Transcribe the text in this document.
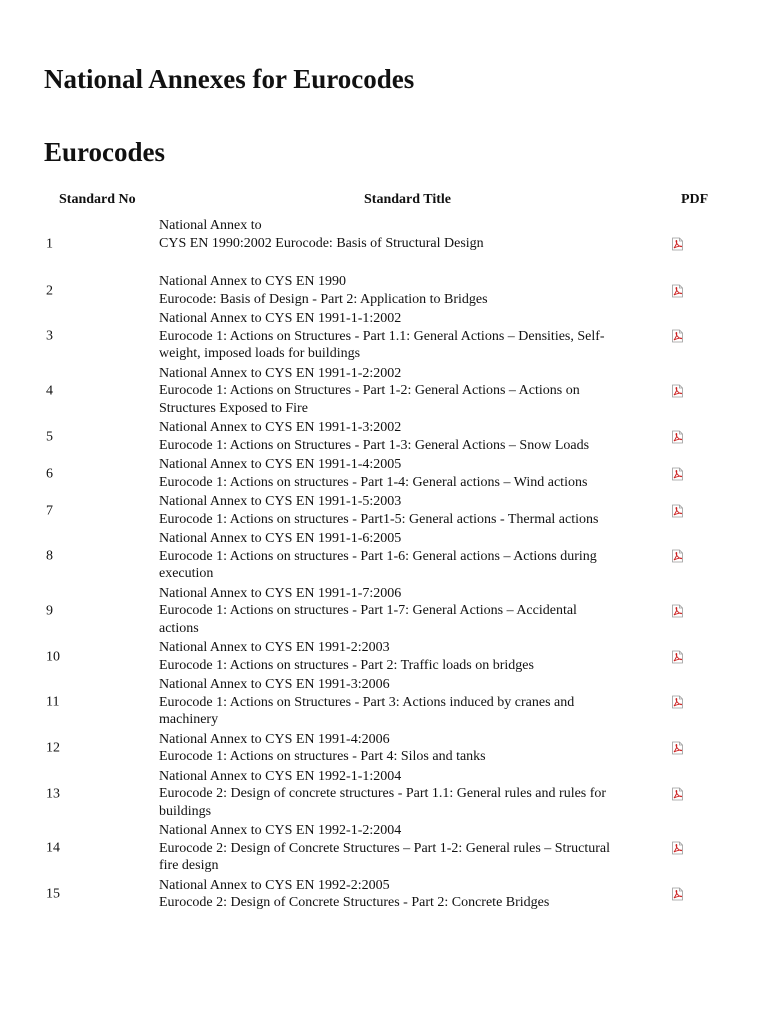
National Annexes for Eurocodes
Eurocodes
Standard No	Standard Title	PDF
1
National Annex to
CYS EN 1990:2002 Eurocode: Basis of Structural Design
2
National Annex to CYS EN 1990
Eurocode: Basis of Design - Part 2: Application to Bridges
3
National Annex to CYS EN 1991-1-1:2002
Eurocode 1: Actions on Structures - Part 1.1: General Actions – Densities, Self-
weight, imposed loads for buildings
4
National Annex to CYS EN 1991-1-2:2002
Eurocode 1: Actions on Structures - Part 1-2: General Actions – Actions on
Structures Exposed to Fire
5
National Annex to CYS EN 1991-1-3:2002
Eurocode 1: Actions on Structures - Part 1-3: General Actions – Snow Loads
6
National Annex to CYS EN 1991-1-4:2005
Eurocode 1: Actions on structures - Part 1-4: General actions – Wind actions
7
National Annex to CYS EN 1991-1-5:2003
Eurocode 1: Actions on structures - Part1-5: General actions - Thermal actions
8
National Annex to CYS EN 1991-1-6:2005
Eurocode 1: Actions on structures - Part 1-6: General actions – Actions during
execution
9
National Annex to CYS EN 1991-1-7:2006
Eurocode 1: Actions on structures - Part 1-7: General Actions – Accidental
actions
10
National Annex to CYS EN 1991-2:2003
Eurocode 1: Actions on structures - Part 2: Traffic loads on bridges
11
National Annex to CYS EN 1991-3:2006
Eurocode 1: Actions on Structures - Part 3: Actions induced by cranes and
machinery
12
National Annex to CYS EN 1991-4:2006
Eurocode 1: Actions on structures - Part 4: Silos and tanks
13
National Annex to CYS EN 1992-1-1:2004
Eurocode 2: Design of concrete structures - Part 1.1: General rules and rules for
buildings
14
National Annex to CYS EN 1992-1-2:2004
Eurocode 2: Design of Concrete Structures – Part 1-2: General rules – Structural
fire design
15
National Annex to CYS EN 1992-2:2005
Eurocode 2: Design of Concrete Structures - Part 2: Concrete Bridges
